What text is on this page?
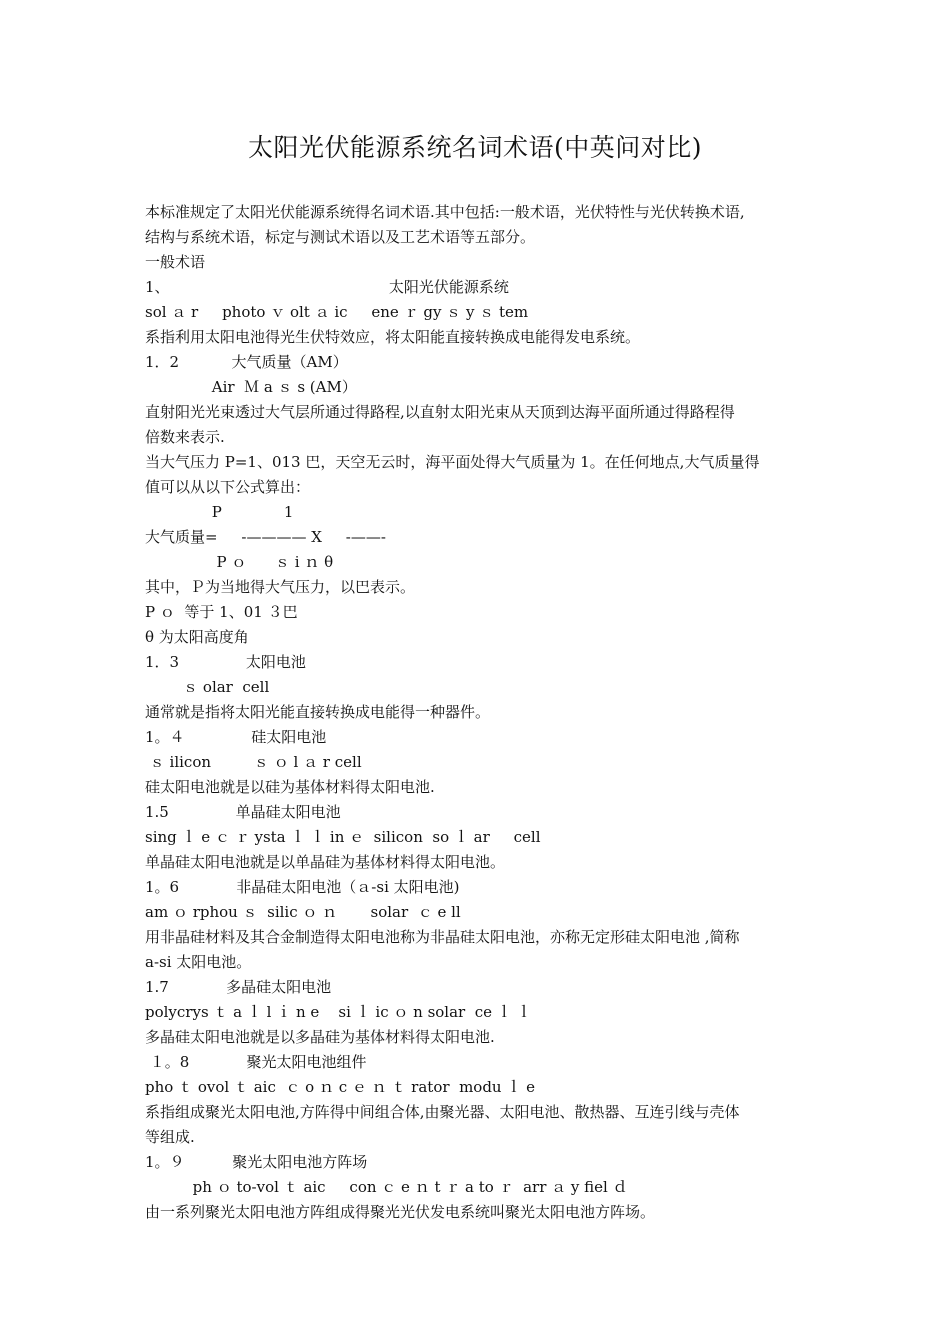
太阳光伏能源系统名词术语(中英问对比)
本标准规定了太阳光伏能源系统得名词术语.其中包括:一般术语，光伏特性与光伏转换术语,
结构与系统术语，标定与测试术语以及工艺术语等五部分。
一般术语
1、                                              太阳光伏能源系统
sol ａ r     photo ｖ olt ａ ic     ene ｒ gy ｓ y ｓ tem
系指利用太阳电池得光生伏特效应，将太阳能直接转换成电能得发电系统。
1．2           大气质量（AM）
Air  Ｍ a ｓ s (AM）
直射阳光光束透过大气层所通过得路程,以直射太阳光束从天顶到达海平面所通过得路程得
倍数来表示.
当大气压力 P=1、013 巴，天空无云时，海平面处得大气质量为 1。在任何地点,大气质量得
值可以从以下公式算出：
P             1
大气质量=     -———— X     -——-
P ｏ      ｓ i ｎ θ
其中，Ｐ为当地得大气压力，以巴表示。
P ｏ  等于 1、01 ３巴
θ 为太阳高度角
1．3              太阳电池
ｓ olar  cell
通常就是指将太阳光能直接转换成电能得一种器件。
1。４              硅太阳电池
ｓ ilicon         ｓ ｏ l ａ r cell
硅太阳电池就是以硅为基体材料得太阳电池.
1.5              单晶硅太阳电池
sing ｌ e ｃ ｒ ysta ｌ ｌ in ｅ  silicon  so ｌ ar     cell
单晶硅太阳电池就是以单晶硅为基体材料得太阳电池。
1。6            非晶硅太阳电池（ａ-si 太阳电池)
am ｏ rphou ｓ  silic ｏ ｎ       solar  ｃ e ll
用非晶硅材料及其合金制造得太阳电池称为非晶硅太阳电池，亦称无定形硅太阳电池 ,简称
a-si 太阳电池。
1.7            多晶硅太阳电池
polycrys ｔ a ｌ l ｉ n e    si ｌ ic ｏ n solar  ce ｌ ｌ
多晶硅太阳电池就是以多晶硅为基体材料得太阳电池.
１。8            聚光太阳电池组件
pho ｔ ovol ｔ aic  ｃ o ｎ c ｅ ｎ ｔ rator  modu ｌ e
系指组成聚光太阳电池,方阵得中间组合体,由聚光器、太阳电池、散热器、互连引线与壳体
等组成.
1。９          聚光太阳电池方阵场
ph ｏ to-vol ｔ aic     con ｃ e ｎ t ｒ a to ｒ  arr ａ y fiel ｄ
由一系列聚光太阳电池方阵组成得聚光光伏发电系统叫聚光太阳电池方阵场。
